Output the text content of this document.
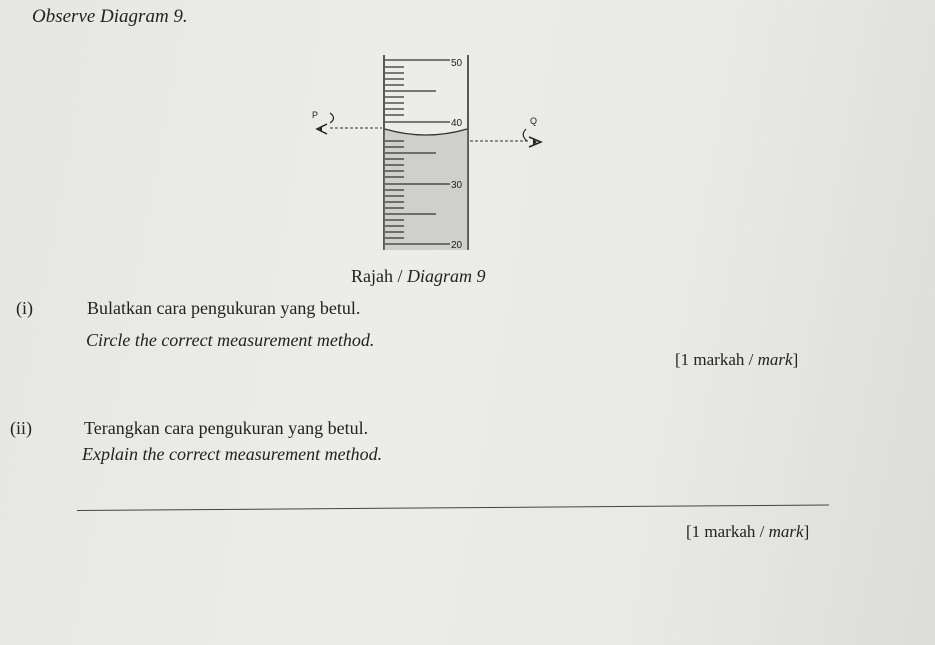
Observe Diagram 9.
50
40
30
20
P
Q
Rajah / Diagram 9
(i)	Bulatkan cara pengukuran yang betul.
Circle the correct measurement method.
[1 markah / mark]
(ii)	Terangkan cara pengukuran yang betul.
Explain the correct measurement method.
[1 markah / mark]
